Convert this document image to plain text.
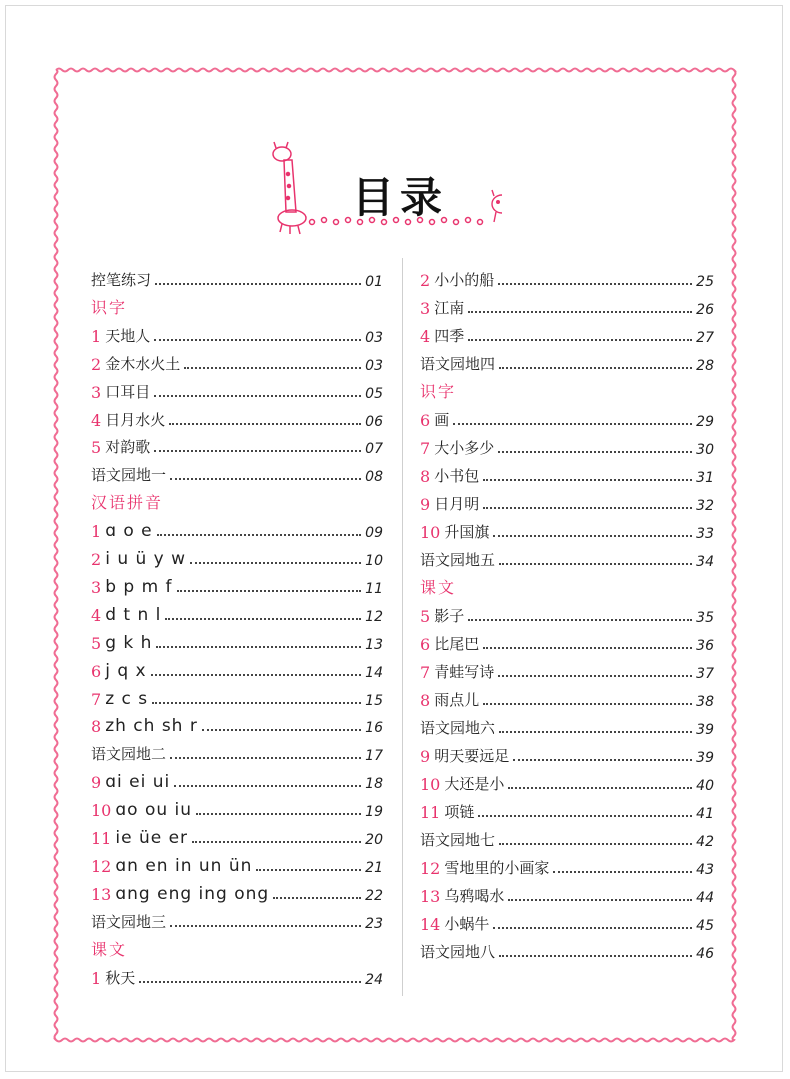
目录
控笔练习	01
识字
1 天地人	03
2 金木水火土	03
3 口耳目	05
4 日月水火	06
5 对韵歌	07
语文园地一	08
汉语拼音
1 ɑ o e	09
2 i u ü y w	10
3 b p m f	11
4 d t n l	12
5 g k h	13
6 j q x	14
7 z c s	15
8 zh ch sh r	16
语文园地二	17
9 ɑi ei ui	18
10 ɑo ou iu	19
11 ie üe er	20
12 ɑn en in un ün	21
13 ɑng eng ing ong	22
语文园地三	23
课文
1 秋天	24
2 小小的船	25
3 江南	26
4 四季	27
语文园地四	28
识字
6 画	29
7 大小多少	30
8 小书包	31
9 日月明	32
10 升国旗	33
语文园地五	34
课文
5 影子	35
6 比尾巴	36
7 青蛙写诗	37
8 雨点儿	38
语文园地六	39
9 明天要远足	39
10 大还是小	40
11 项链	41
语文园地七	42
12 雪地里的小画家	43
13 乌鸦喝水	44
14 小蜗牛	45
语文园地八	46
